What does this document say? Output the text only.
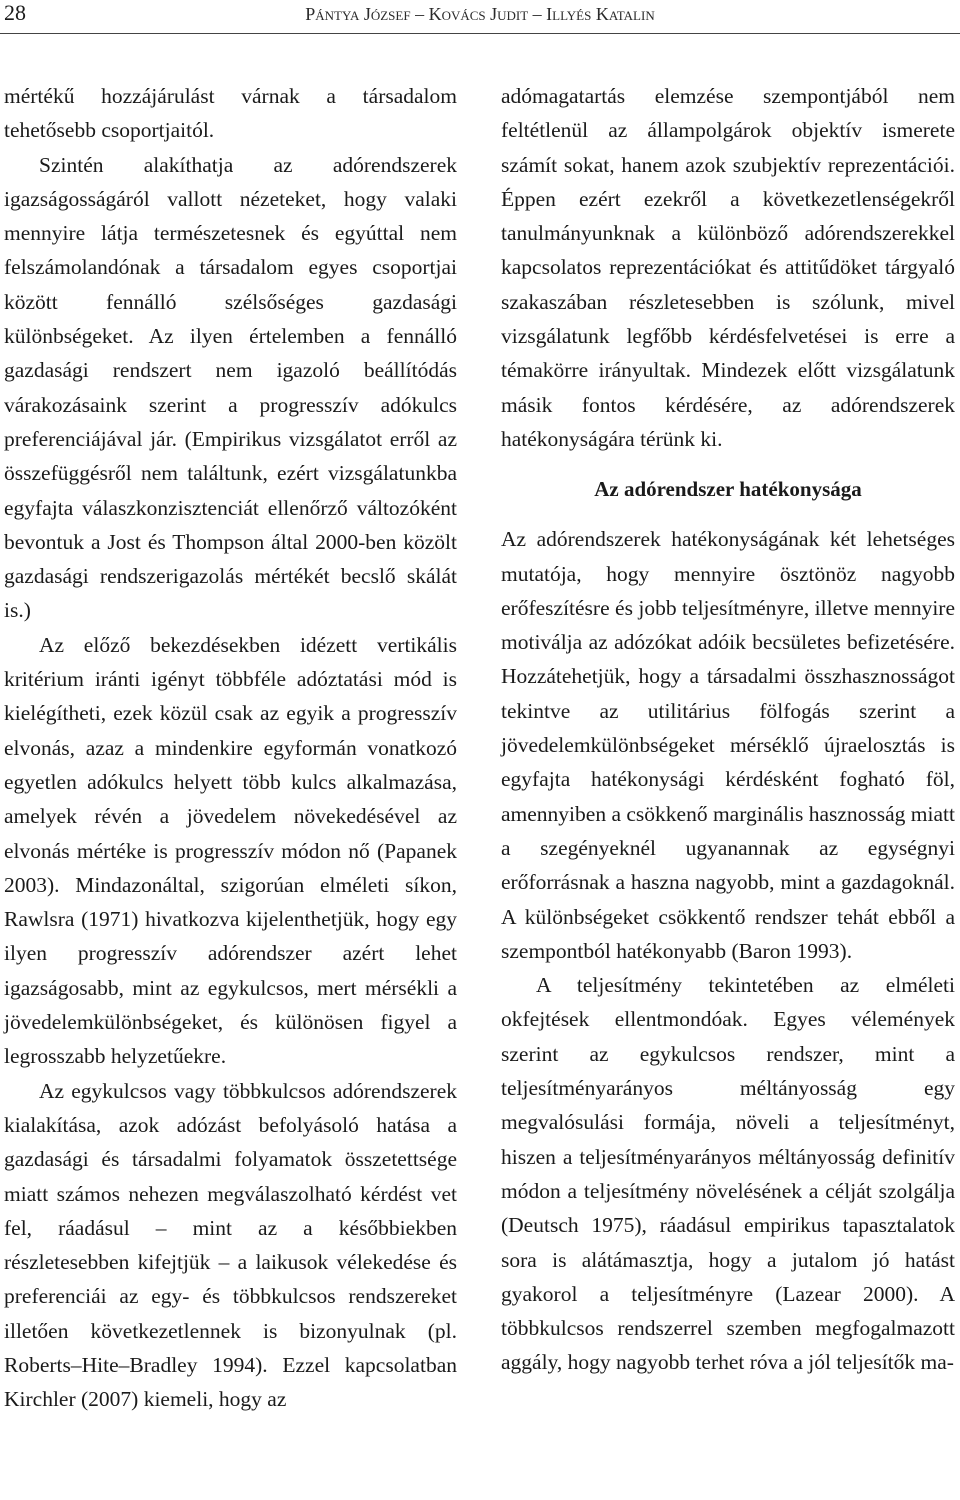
28	Pántya József – Kovács Judit – Illyés Katalin

mértékű hozzájárulást várnak a társadalom tehetősebb csoportjaitól.

Szintén alakíthatja az adórendszerek igazságosságáról vallott nézeteket, hogy valaki mennyire látja természetesnek és egyúttal nem felszámolandónak a társadalom egyes csoportjai között fennálló szélsőséges gazdasági különbségeket. Az ilyen értelemben a fennálló gazdasági rendszert nem igazoló beállítódás várakozásaink szerint a progresszív adókulcs preferenciájával jár. (Empirikus vizsgálatot erről az összefüggésről nem találtunk, ezért vizsgálatunkba egyfajta válaszkonzisztenciát ellenőrző változóként bevontuk a Jost és Thompson által 2000-ben közölt gazdasági rendszerigazolás mértékét becslő skálát is.)

Az előző bekezdésekben idézett vertikális kritérium iránti igényt többféle adóztatási mód is kielégítheti, ezek közül csak az egyik a progresszív elvonás, azaz a mindenkire egyformán vonatkozó egyetlen adókulcs helyett több kulcs alkalmazása, amelyek révén a jövedelem növekedésével az elvonás mértéke is progresszív módon nő (Papanek 2003). Mindazonáltal, szigorúan elméleti síkon, Rawlsra (1971) hivatkozva kijelenthetjük, hogy egy ilyen progresszív adórendszer azért lehet igazságosabb, mint az egykulcsos, mert mérsékli a jövedelemkülönbségeket, és különösen figyel a legrosszabb helyzetűekre.

Az egykulcsos vagy többkulcsos adórendszerek kialakítása, azok adózást befolyásoló hatása a gazdasági és társadalmi folyamatok összetettsége miatt számos nehezen megválaszolható kérdést vet fel, ráadásul – mint az a későbbiekben részletesebben kifejtjük – a laikusok vélekedése és preferenciái az egy- és többkulcsos rendszereket illetően következetlennek is bizonyulnak (pl. Roberts–Hite–Bradley 1994). Ezzel kapcsolatban Kirchler (2007) kiemeli, hogy az

adómagatartás elemzése szempontjából nem feltétlenül az állampolgárok objektív ismerete számít sokat, hanem azok szubjektív reprezentációi. Éppen ezért ezekről a következetlenségekről tanulmányunknak a különböző adórendszerekkel kapcsolatos reprezentációkat és attitűdöket tárgyaló szakaszában részletesebben is szólunk, mivel vizsgálatunk legfőbb kérdésfelvetései is erre a témakörre irányultak. Mindezek előtt vizsgálatunk másik fontos kérdésére, az adórendszerek hatékonyságára térünk ki.

Az adórendszer hatékonysága

Az adórendszerek hatékonyságának két lehetséges mutatója, hogy mennyire ösztönöz nagyobb erőfeszítésre és jobb teljesítményre, illetve mennyire motiválja az adózókat adóik becsületes befizetésére. Hozzátehetjük, hogy a társadalmi összhasznosságot tekintve az utilitárius fölfogás szerint a jövedelemkülönbségeket mérséklő újraelosztás is egyfajta hatékonysági kérdésként fogható föl, amennyiben a csökkenő marginális hasznosság miatt a szegényeknél ugyanannak az egységnyi erőforrásnak a haszna nagyobb, mint a gazdagoknál. A különbségeket csökkentő rendszer tehát ebből a szempontból hatékonyabb (Baron 1993).

A teljesítmény tekintetében az elméleti okfejtések ellentmondóak. Egyes vélemények szerint az egykulcsos rendszer, mint a teljesítményarányos méltányosság egy megvalósulási formája, növeli a teljesítményt, hiszen a teljesítményarányos méltányosság definitív módon a teljesítmény növelésének a célját szolgálja (Deutsch 1975), ráadásul empirikus tapasztalatok sora is alátámasztja, hogy a jutalom jó hatást gyakorol a teljesítményre (Lazear 2000). A többkulcsos rendszerrel szemben megfogalmazott aggály, hogy nagyobb terhet róva a jól teljesítők ma-
